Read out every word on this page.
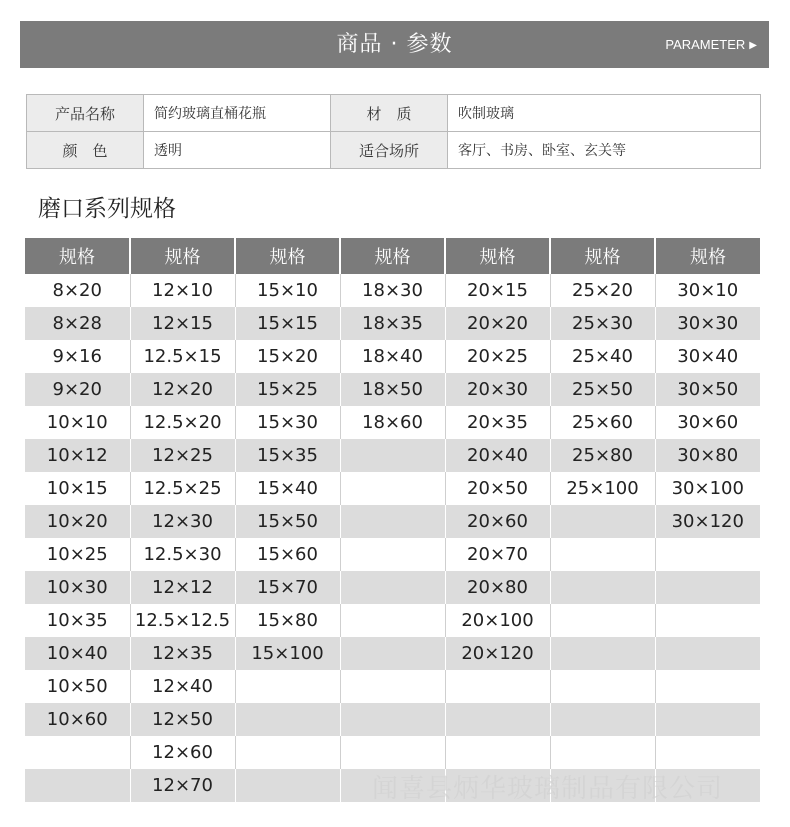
商品 · 参数	PARAMETER ▶
产品名称	简约玻璃直桶花瓶	材　质	吹制玻璃
颜　色	透明	适合场所	客厅、书房、卧室、玄关等
磨口系列规格
规格	规格	规格	规格	规格	规格	规格
8×20	12×10	15×10	18×30	20×15	25×20	30×10
8×28	12×15	15×15	18×35	20×20	25×30	30×30
9×16	12.5×15	15×20	18×40	20×25	25×40	30×40
9×20	12×20	15×25	18×50	20×30	25×50	30×50
10×10	12.5×20	15×30	18×60	20×35	25×60	30×60
10×12	12×25	15×35		20×40	25×80	30×80
10×15	12.5×25	15×40		20×50	25×100	30×100
10×20	12×30	15×50		20×60		30×120
10×25	12.5×30	15×60		20×70		
10×30	12×12	15×70		20×80		
10×35	12.5×12.5	15×80		20×100		
10×40	12×35	15×100		20×120		
10×50	12×40					
10×60	12×50					
	12×60					
	12×70						闻喜县炳华玻璃制品有限公司
